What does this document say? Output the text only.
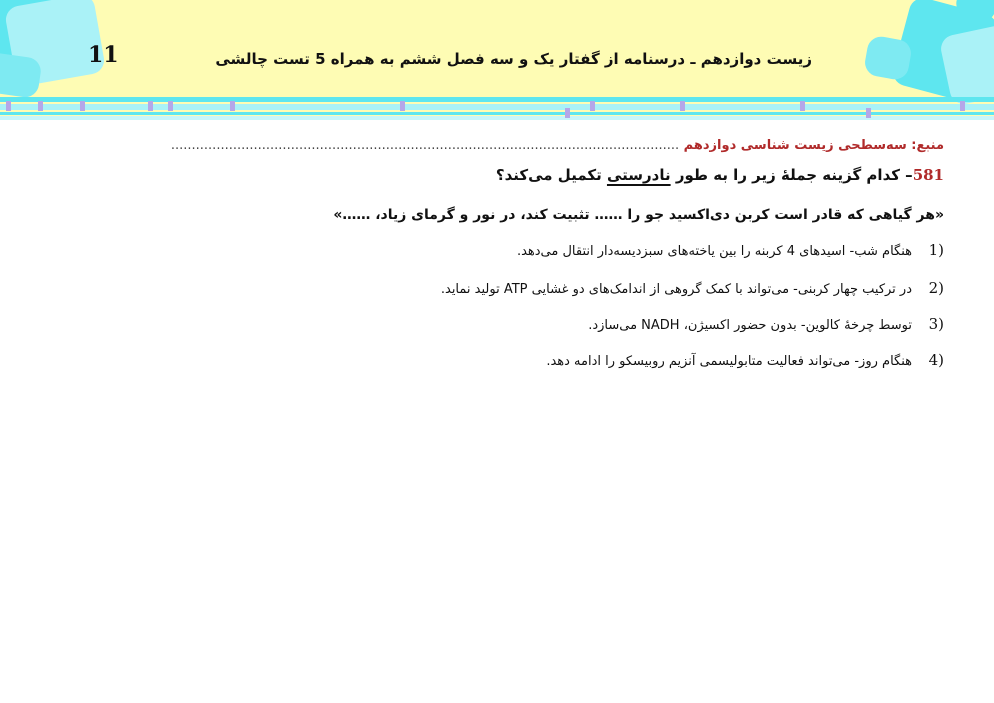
11	زیست دوازدهم ـ درسنامه از گفتار یک و سه فصل ششم به همراه 5 تست چالشی
منبع: سه‌سطحی زیست شناسی دوازدهم ...........................................................................................................................
581– کدام گزینه جملهٔ زیر را به طور نادرستی تکمیل می‌کند؟
«هر گیاهی که قادر است کربن دی‌اکسید جو را …… تثبیت کند، در نور و گرمای زیاد، ……»
1)
هنگام شب- اسیدهای 4 کربنه را بین یاخته‌های سبزدیسه‌دار انتقال می‌دهد.
2)
در ترکیب چهار کربنی- می‌تواند با کمک گروهی از اندامک‌های دو غشایی ATP تولید نماید.
3)
توسط چرخهٔ کالوین- بدون حضور اکسیژن، NADH می‌سازد.
4)
هنگام روز- می‌تواند فعالیت متابولیسمی آنزیم روبیسکو را ادامه دهد.
